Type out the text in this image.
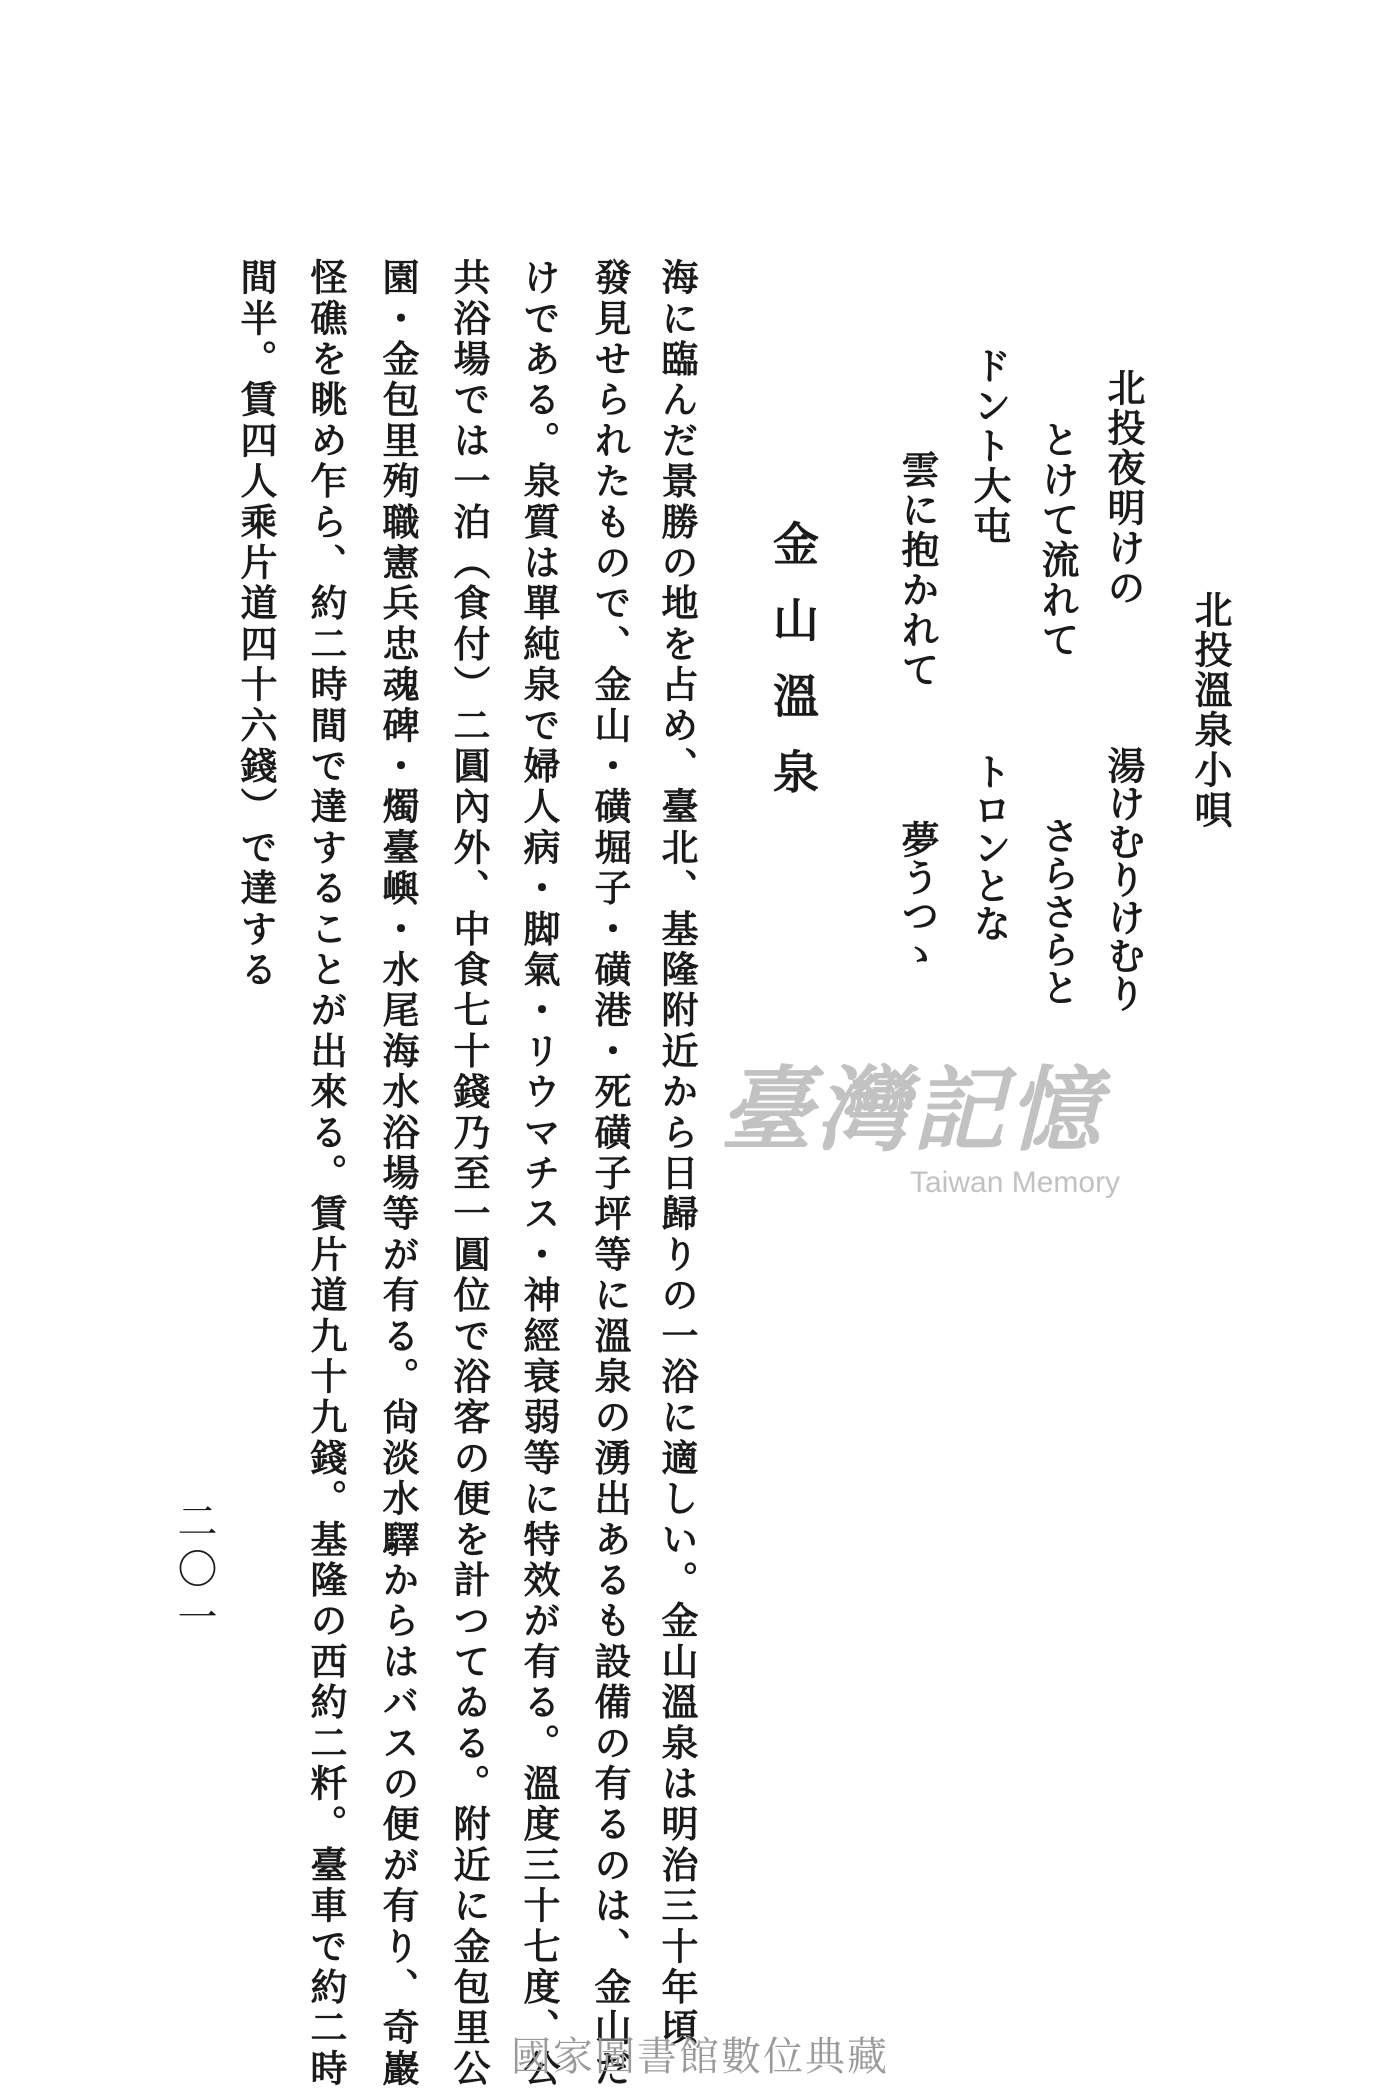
北投溫泉小唄
北投夜明けの
湯けむりけむり
とけて流れて
さらさらと
ドント大屯
トロンとな
雲に抱かれて
夢うつゝ
金山溫泉
海に臨んだ景勝の地を占め、臺北、基隆附近から日歸りの一浴に適しい。金山溫泉は明治三十年頃
發見せられたもので、金山・磺堀子・磺港・死磺子坪等に溫泉の湧出あるも設備の有るのは、金山だ
けである。泉質は單純泉で婦人病・脚氣・リウマチス・神經衰弱等に特效が有る。溫度三十七度、公
共浴場では一泊（食付）二圓內外、中食七十錢乃至一圓位で浴客の便を計つてゐる。附近に金包里公
園・金包里殉職憲兵忠魂碑・燭臺嶼・水尾海水浴場等が有る。尙淡水驛からはバスの便が有り、奇巖
怪礁を眺め乍ら、約二時間で達することが出來る。賃片道九十九錢。基隆の西約二粁。臺車で約二時
間半。賃四人乘片道四十六錢）で達する
二〇一
臺灣記憶
Taiwan Memory
國家圖書館數位典藏
